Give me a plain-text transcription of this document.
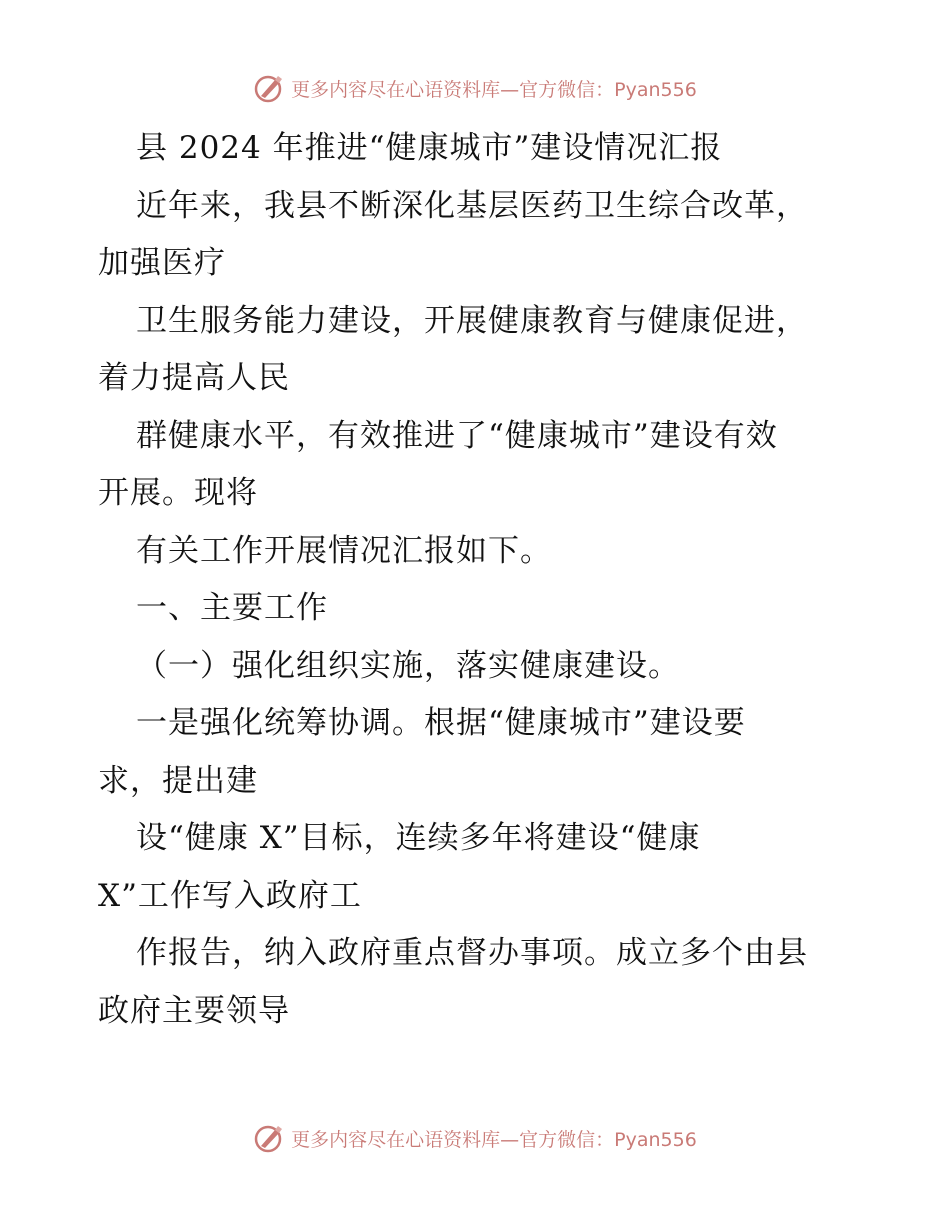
更多内容尽在心语资料库—官方微信：Pyan556
县 2024 年推进“健康城市”建设情况汇报
近年来，我县不断深化基层医药卫生综合改革，
加强医疗
卫生服务能力建设，开展健康教育与健康促进，
着力提高人民
群健康水平，有效推进了“健康城市”建设有效
开展。现将
有关工作开展情况汇报如下。
一、主要工作
（一）强化组织实施，落实健康建设。
一是强化统筹协调。根据“健康城市”建设要
求，提出建
设“健康 X”目标，连续多年将建设“健康
X”工作写入政府工
作报告，纳入政府重点督办事项。成立多个由县
政府主要领导
更多内容尽在心语资料库—官方微信：Pyan556
